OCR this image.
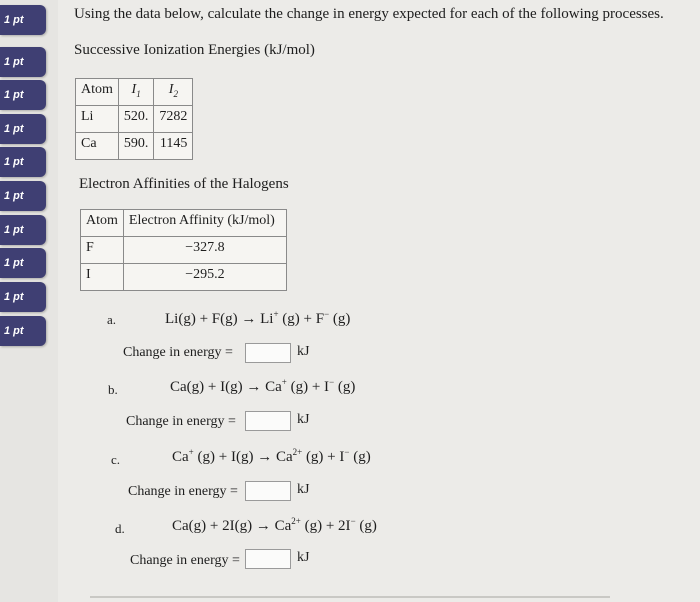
1 pt
1 pt
1 pt
1 pt
1 pt
1 pt
1 pt
1 pt
1 pt
1 pt
Using the data below, calculate the change in energy expected for each of the following processes.
Successive Ionization Energies (kJ/mol)
Atom	$I_1$	$I_2$
Li	520.	7282
Ca	590.	1145
Electron Affinities of the Halogens
Atom	Electron Affinity (kJ/mol)
F	−327.8
I	−295.2
a.	Li(g) + F(g) → Li+ (g) + F− (g)
Change in energy =	kJ
b.	Ca(g) + I(g) → Ca+ (g) + I− (g)
Change in energy =	kJ
c.	Ca+ $(g) + I(g) \to Ca^{2+}$ (g) + I− (g)
Change in energy =	kJ
d.	$Ca(g) + 2I(g) \to Ca^{2+}$ (g) + 2I− (g)
Change in energy =	kJ
